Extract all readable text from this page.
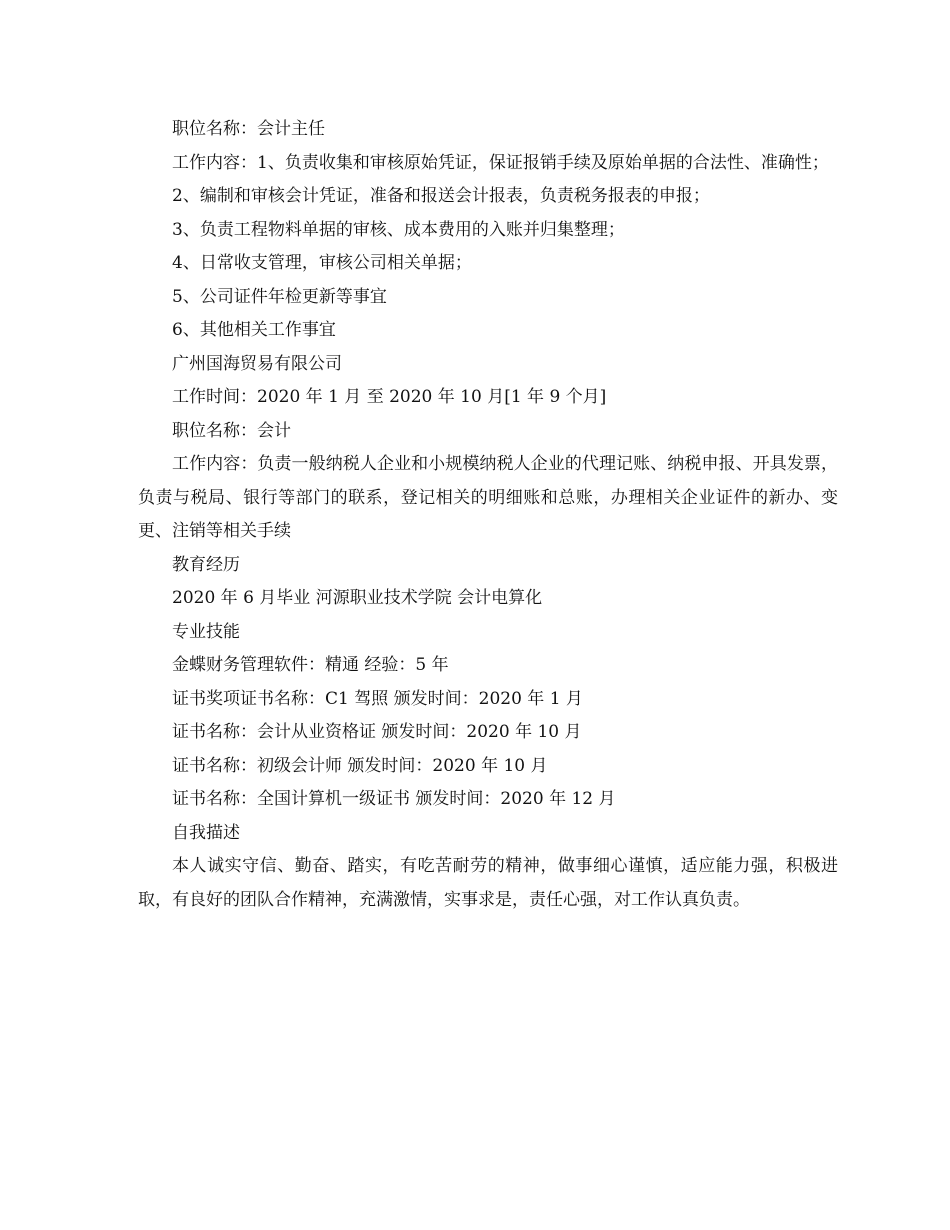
职位名称：会计主任

工作内容：1、负责收集和审核原始凭证，保证报销手续及原始单据的合法性、准确性；

2、编制和审核会计凭证，准备和报送会计报表，负责税务报表的申报；

3、负责工程物料单据的审核、成本费用的入账并归集整理；

4、日常收支管理，审核公司相关单据；

5、公司证件年检更新等事宜

6、其他相关工作事宜

广州国海贸易有限公司

工作时间：2020 年 1 月 至 2020 年 10 月[1 年 9 个月]

职位名称：会计

工作内容：负责一般纳税人企业和小规模纳税人企业的代理记账、纳税申报、开具发票，负责与税局、银行等部门的联系，登记相关的明细账和总账，办理相关企业证件的新办、变更、注销等相关手续

教育经历

2020 年 6 月毕业 河源职业技术学院 会计电算化

专业技能

金蝶财务管理软件：精通 经验：5 年

证书奖项证书名称：C1 驾照 颁发时间：2020 年 1 月

证书名称：会计从业资格证 颁发时间：2020 年 10 月

证书名称：初级会计师 颁发时间：2020 年 10 月

证书名称：全国计算机一级证书 颁发时间：2020 年 12 月

自我描述

本人诚实守信、勤奋、踏实，有吃苦耐劳的精神，做事细心谨慎，适应能力强，积极进取，有良好的团队合作精神，充满激情，实事求是，责任心强，对工作认真负责。
